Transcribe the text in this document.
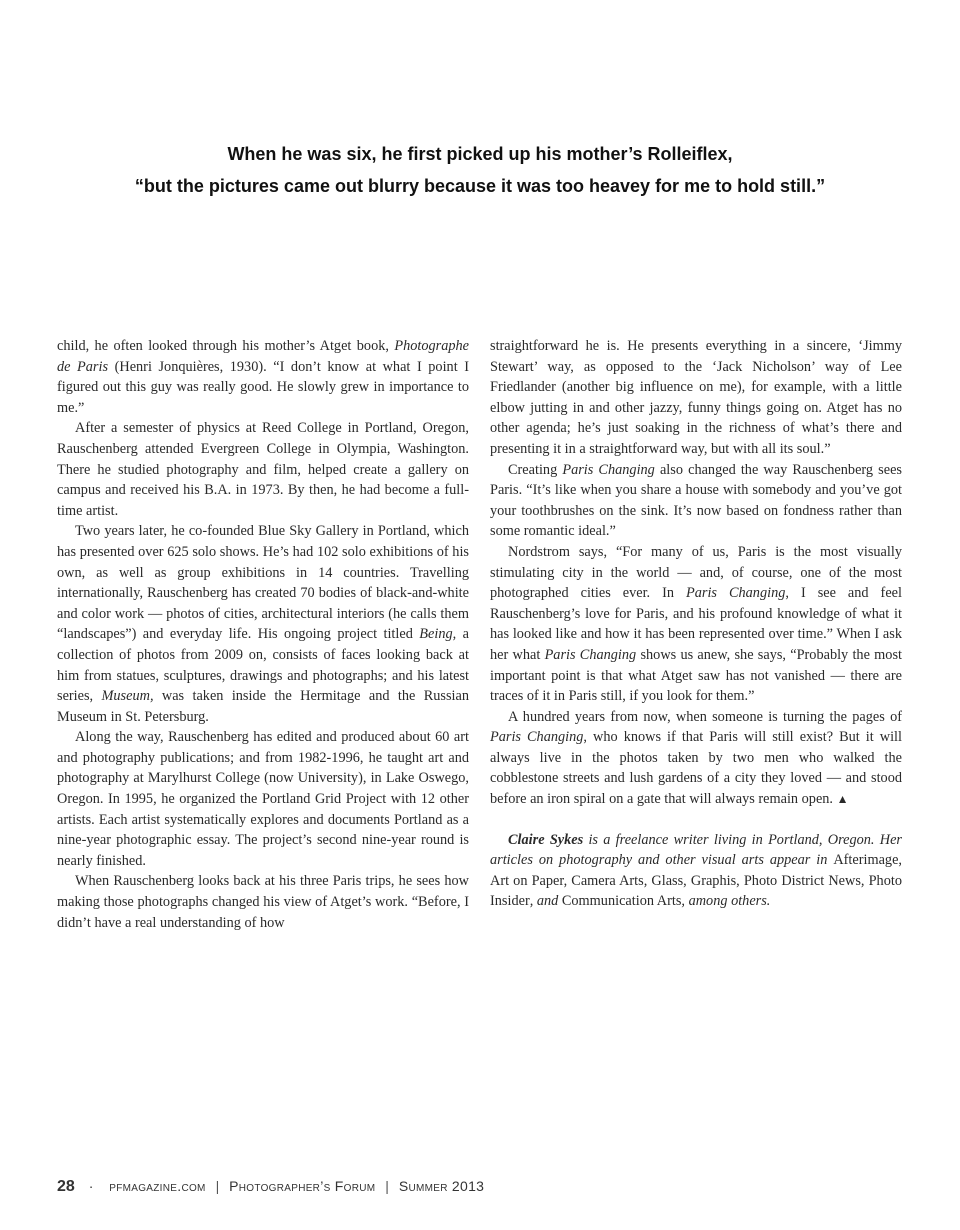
When he was six, he first picked up his mother’s Rolleiflex,
“but the pictures came out blurry because it was too heavey for me to hold still.”

child, he often looked through his mother’s Atget book, Photographe de Paris (Henri Jonquières, 1930). “I don’t know at what I point I figured out this guy was really good. He slowly grew in importance to me.”

After a semester of physics at Reed College in Portland, Oregon, Rauschenberg attended Evergreen College in Olympia, Washington. There he studied photography and film, helped create a gallery on campus and received his B.A. in 1973. By then, he had become a full-time artist.

Two years later, he co-founded Blue Sky Gallery in Portland, which has presented over 625 solo shows. He’s had 102 solo exhibitions of his own, as well as group exhibitions in 14 countries. Travelling internationally, Rauschenberg has created 70 bodies of black-and-white and color work — photos of cities, architectural interiors (he calls them “landscapes”) and everyday life. His ongoing project titled Being, a collection of photos from 2009 on, consists of faces looking back at him from statues, sculptures, drawings and photographs; and his latest series, Museum, was taken inside the Hermitage and the Russian Museum in St. Petersburg.

Along the way, Rauschenberg has edited and produced about 60 art and photography publications; and from 1982-1996, he taught art and photography at Marylhurst College (now University), in Lake Oswego, Oregon. In 1995, he organized the Portland Grid Project with 12 other artists. Each artist systematically explores and documents Portland as a nine-year photographic essay. The project’s second nine-year round is nearly finished.

When Rauschenberg looks back at his three Paris trips, he sees how making those photographs changed his view of Atget’s work. “Before, I didn’t have a real understanding of how

straightforward he is. He presents everything in a sincere, ‘Jimmy Stewart’ way, as opposed to the ‘Jack Nicholson’ way of Lee Friedlander (another big influence on me), for example, with a little elbow jutting in and other jazzy, funny things going on. Atget has no other agenda; he’s just soaking in the richness of what’s there and presenting it in a straightforward way, but with all its soul.”

Creating Paris Changing also changed the way Rauschenberg sees Paris. “It’s like when you share a house with somebody and you’ve got your toothbrushes on the sink. It’s now based on fondness rather than some romantic ideal.”

Nordstrom says, “For many of us, Paris is the most visually stimulating city in the world — and, of course, one of the most photographed cities ever. In Paris Changing, I see and feel Rauschenberg’s love for Paris, and his profound knowledge of what it has looked like and how it has been represented over time.” When I ask her what Paris Changing shows us anew, she says, “Probably the most important point is that what Atget saw has not vanished — there are traces of it in Paris still, if you look for them.”

A hundred years from now, when someone is turning the pages of Paris Changing, who knows if that Paris will still exist? But it will always live in the photos taken by two men who walked the cobblestone streets and lush gardens of a city they loved — and stood before an iron spiral on a gate that will always remain open. ▲

Claire Sykes is a freelance writer living in Portland, Oregon. Her articles on photography and other visual arts appear in Afterimage, Art on Paper, Camera Arts, Glass, Graphis, Photo District News, Photo Insider, and Communication Arts, among others.

28 · pfmagazine.com | Photographer’s Forum | Summer 2013
